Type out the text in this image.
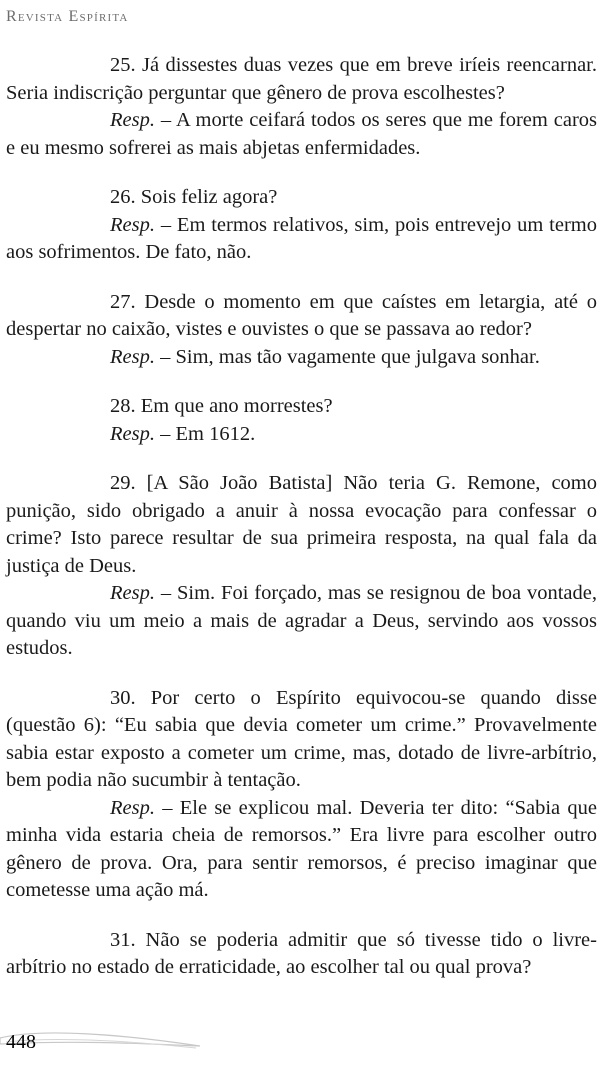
Revista Espírita

25. Já dissestes duas vezes que em breve iríeis reencarnar. Seria indiscrição perguntar que gênero de prova escolhestes?

Resp. – A morte ceifará todos os seres que me forem caros e eu mesmo sofrerei as mais abjetas enfermidades.

26. Sois feliz agora?

Resp. – Em termos relativos, sim, pois entrevejo um termo aos sofrimentos. De fato, não.

27. Desde o momento em que caístes em letargia, até o despertar no caixão, vistes e ouvistes o que se passava ao redor?

Resp. – Sim, mas tão vagamente que julgava sonhar.

28. Em que ano morrestes?

Resp. – Em 1612.

29. [A São João Batista] Não teria G. Remone, como punição, sido obrigado a anuir à nossa evocação para confessar o crime? Isto parece resultar de sua primeira resposta, na qual fala da justiça de Deus.

Resp. – Sim. Foi forçado, mas se resignou de boa vontade, quando viu um meio a mais de agradar a Deus, servindo aos vossos estudos.

30. Por certo o Espírito equivocou-se quando disse (questão 6): “Eu sabia que devia cometer um crime.” Provavelmente sabia estar exposto a cometer um crime, mas, dotado de livre-arbítrio, bem podia não sucumbir à tentação.

Resp. – Ele se explicou mal. Deveria ter dito: “Sabia que minha vida estaria cheia de remorsos.” Era livre para escolher outro gênero de prova. Ora, para sentir remorsos, é preciso imaginar que cometesse uma ação má.

31. Não se poderia admitir que só tivesse tido o livre-arbítrio no estado de erraticidade, ao escolher tal ou qual prova?

448
